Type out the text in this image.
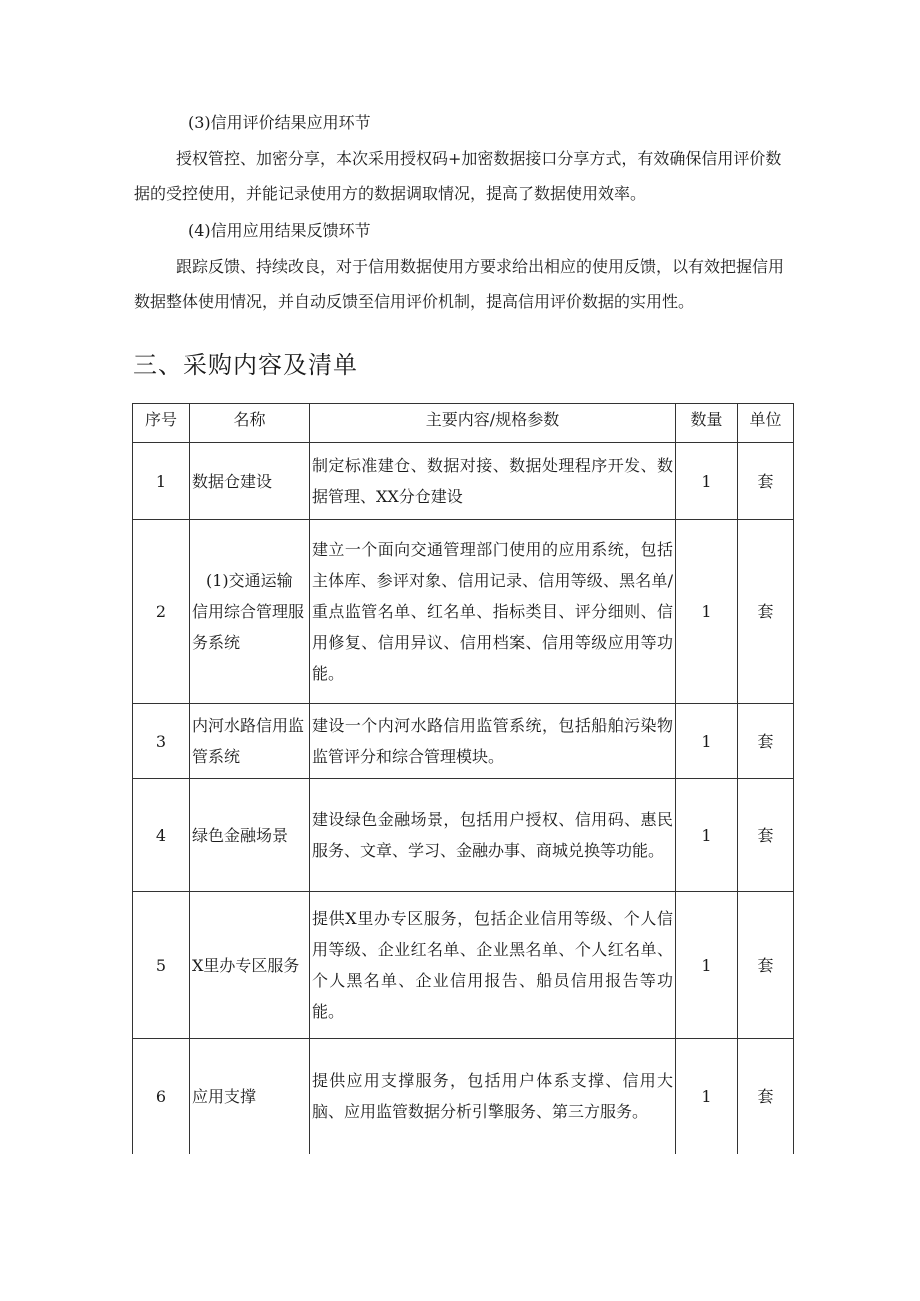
(3)信用评价结果应用环节
授权管控、加密分享，本次采用授权码+加密数据接口分享方式，有效确保信用评价数据的受控使用，并能记录使用方的数据调取情况，提高了数据使用效率。
(4)信用应用结果反馈环节
跟踪反馈、持续改良，对于信用数据使用方要求给出相应的使用反馈，以有效把握信用数据整体使用情况，并自动反馈至信用评价机制，提高信用评价数据的实用性。
三、采购内容及清单
序号	名称	主要内容/规格参数	数量	单位
1	数据仓建设	制定标准建仓、数据对接、数据处理程序开发、数据管理、XX分仓建设	1	套
2	(1)交通运输信用综合管理服务系统	建立一个面向交通管理部门使用的应用系统，包括主体库、参评对象、信用记录、信用等级、黑名单/重点监管名单、红名单、指标类目、评分细则、信用修复、信用异议、信用档案、信用等级应用等功能。	1	套
3	内河水路信用监管系统	建设一个内河水路信用监管系统，包括船舶污染物监管评分和综合管理模块。	1	套
4	绿色金融场景	建设绿色金融场景，包括用户授权、信用码、惠民服务、文章、学习、金融办事、商城兑换等功能。	1	套
5	X里办专区服务	提供X里办专区服务，包括企业信用等级、个人信用等级、企业红名单、企业黑名单、个人红名单、个人黑名单、企业信用报告、船员信用报告等功能。	1	套
6	应用支撑	提供应用支撑服务，包括用户体系支撑、信用大脑、应用监管数据分析引擎服务、第三方服务。	1	套
